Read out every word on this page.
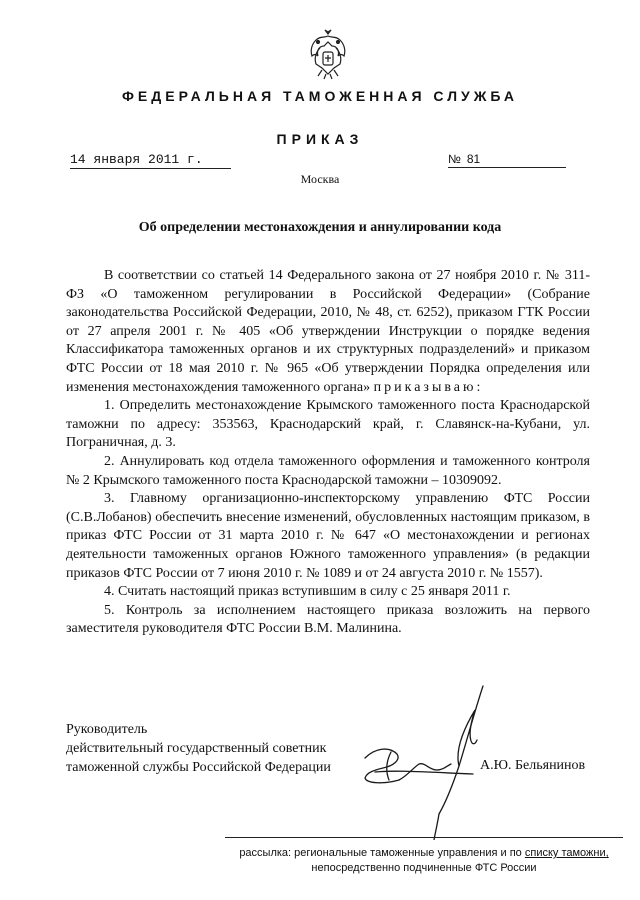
ФЕДЕРАЛЬНАЯ ТАМОЖЕННАЯ СЛУЖБА
ПРИКАЗ
14 января 2011 г.	№ 81
Москва
Об определении местонахождения и аннулировании кода

В соответствии со статьей 14 Федерального закона от 27 ноября 2010 г. № 311-ФЗ «О таможенном регулировании в Российской Федерации» (Собрание законодательства Российской Федерации, 2010, № 48, ст. 6252), приказом ГТК России от 27 апреля 2001 г. № 405 «Об утверждении Инструкции о порядке ведения Классификатора таможенных органов и их структурных подразделений» и приказом ФТС России от 18 мая 2010 г. № 965 «Об утверждении Порядка определения или изменения местонахождения таможенного органа» приказываю:

1. Определить местонахождение Крымского таможенного поста Краснодарской таможни по адресу: 353563, Краснодарский край, г. Славянск-на-Кубани, ул. Пограничная, д. 3.

2. Аннулировать код отдела таможенного оформления и таможенного контроля № 2 Крымского таможенного поста Краснодарской таможни – 10309092.

3. Главному организационно-инспекторскому управлению ФТС России (С.В.Лобанов) обеспечить внесение изменений, обусловленных настоящим приказом, в приказ ФТС России от 31 марта 2010 г. № 647 «О местонахождении и регионах деятельности таможенных органов Южного таможенного управления» (в редакции приказов ФТС России от 7 июня 2010 г. № 1089 и от 24 августа 2010 г. № 1557).

4. Считать настоящий приказ вступившим в силу с 25 января 2011 г.

5. Контроль за исполнением настоящего приказа возложить на первого заместителя руководителя ФТС России В.М. Малинина.

Руководитель
действительный государственный советник
таможенной службы Российской Федерации	А.Ю. Бельянинов
рассылка: региональные таможенные управления и по списку таможни,
непосредственно подчиненные ФТС России
